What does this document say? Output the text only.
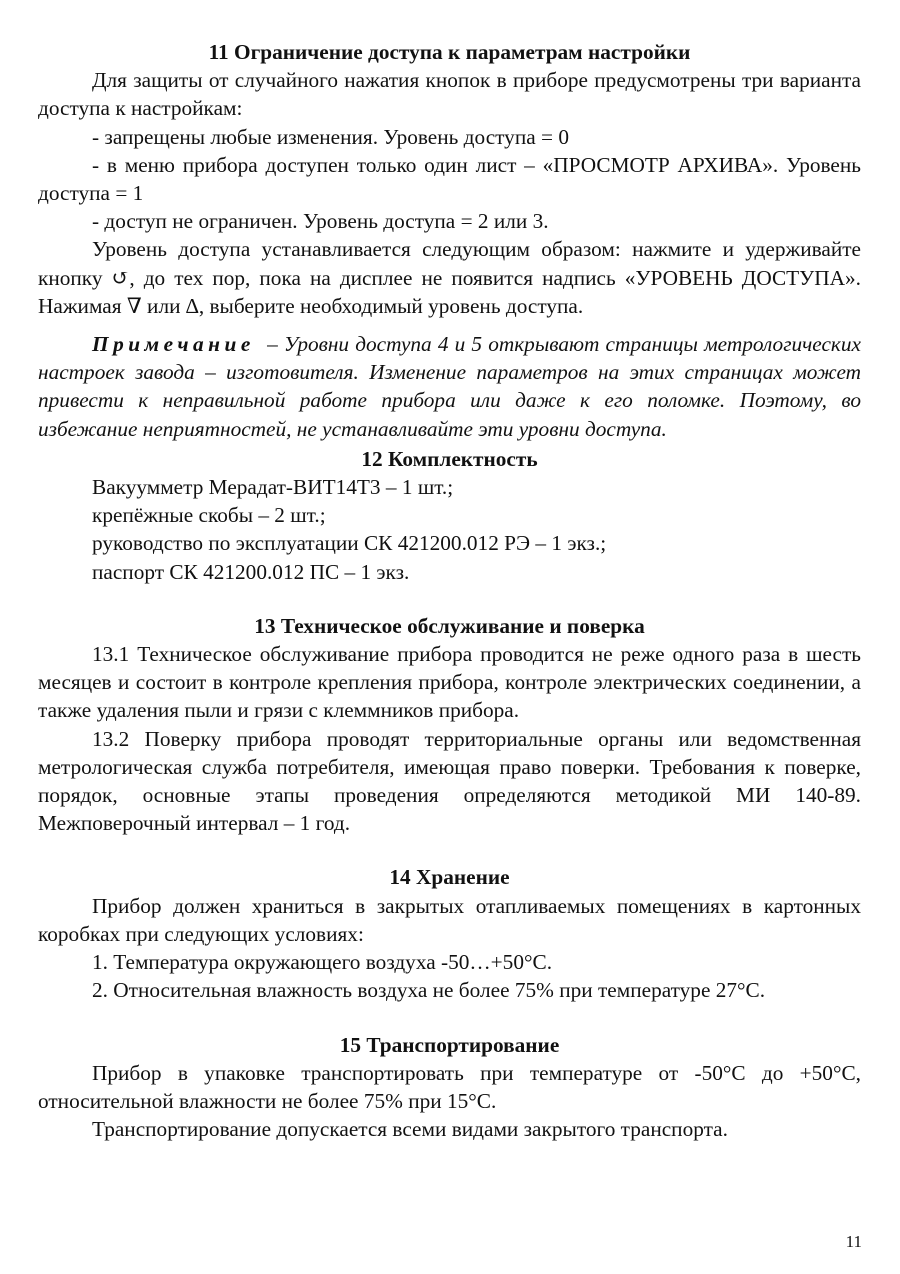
11 Ограничение доступа к параметрам настройки

Для защиты от случайного нажатия кнопок в приборе предусмотрены три варианта доступа к настройкам:

- запрещены любые изменения. Уровень доступа = 0

- в меню прибора доступен только один лист – «ПРОСМОТР АРХИВА». Уровень доступа = 1

- доступ не ограничен. Уровень доступа = 2 или 3.

Уровень доступа устанавливается следующим образом: нажмите и удерживайте кнопку ↺, до тех пор, пока на дисплее не появится надпись «УРОВЕНЬ ДОСТУПА». Нажимая ∇ или ∆, выберите необходимый уровень доступа.

Примечание – Уровни доступа 4 и 5 открывают страницы метрологических настроек завода – изготовителя. Изменение параметров на этих страницах может привести к неправильной работе прибора или даже к его поломке. Поэтому, во избежание неприятностей, не устанавливайте эти уровни доступа.

12 Комплектность

Вакуумметр Мерадат-ВИТ14Т3 – 1 шт.;

крепёжные скобы – 2 шт.;

руководство по эксплуатации СК 421200.012 РЭ – 1 экз.;

паспорт СК 421200.012 ПС – 1 экз.

13 Техническое обслуживание и поверка

13.1 Техническое обслуживание прибора проводится не реже одного раза в шесть месяцев и состоит в контроле крепления прибора, контроле электрических соединении, а также удаления пыли и грязи с клеммников прибора.

13.2 Поверку прибора проводят территориальные органы или ведомственная метрологическая служба потребителя, имеющая право поверки. Требования к поверке, порядок, основные этапы проведения определяются методикой МИ 140-89. Межповерочный интервал – 1 год.

14 Хранение

Прибор должен храниться в закрытых отапливаемых помещениях в картонных коробках при следующих условиях:

1. Температура окружающего воздуха -50…+50°С.

2. Относительная влажность воздуха не более 75% при температуре 27°С.

15 Транспортирование

Прибор в упаковке транспортировать при температуре от -50°С до +50°С, относительной влажности не более 75% при 15°С.

Транспортирование допускается всеми видами закрытого транспорта.

11
